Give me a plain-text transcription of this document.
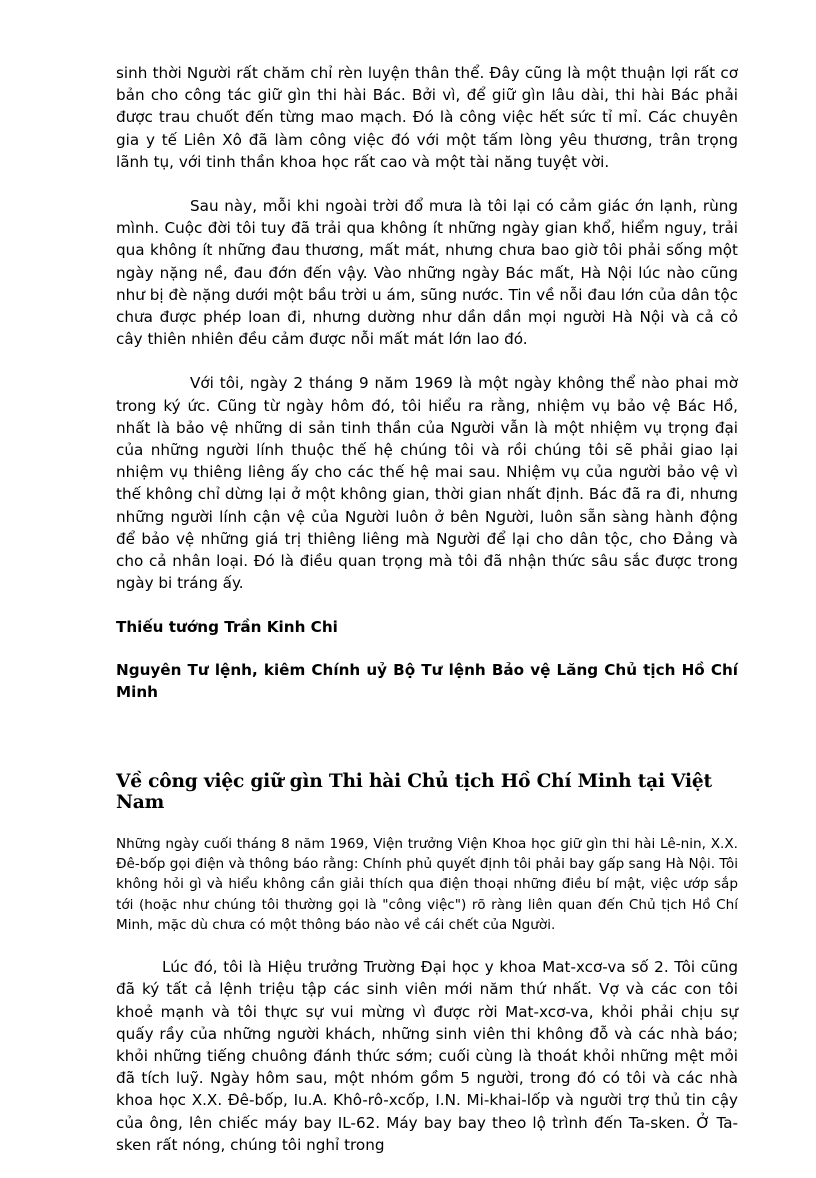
sinh thời Người rất chăm chỉ rèn luyện thân thể. Đây cũng là một thuận lợi rất cơ bản cho công tác giữ gìn thi hài Bác. Bởi vì, để giữ gìn lâu dài, thi hài Bác phải được trau chuốt đến từng mao mạch. Đó là công việc hết sức tỉ mỉ. Các chuyên gia y tế Liên Xô đã làm công việc đó với một tấm lòng yêu thương, trân trọng lãnh tụ, với tinh thần khoa học rất cao và một tài năng tuyệt vời.

Sau này, mỗi khi ngoài trời đổ mưa là tôi lại có cảm giác ớn lạnh, rùng mình. Cuộc đời tôi tuy đã trải qua không ít những ngày gian khổ, hiểm nguy, trải qua không ít những đau thương, mất mát, nhưng chưa bao giờ tôi phải sống một ngày nặng nề, đau đớn đến vậy. Vào những ngày Bác mất, Hà Nội lúc nào cũng như bị đè nặng dưới một bầu trời u ám, sũng nước. Tin về nỗi đau lớn của dân tộc chưa được phép loan đi, nhưng dường như dần dần mọi người Hà Nội và cả cỏ cây thiên nhiên đều cảm được nỗi mất mát lớn lao đó.

Với tôi, ngày 2 tháng 9 năm 1969 là một ngày không thể nào phai mờ trong ký ức. Cũng từ ngày hôm đó, tôi hiểu ra rằng, nhiệm vụ bảo vệ Bác Hồ, nhất là bảo vệ những di sản tinh thần của Người vẫn là một nhiệm vụ trọng đại của những người lính thuộc thế hệ chúng tôi và rồi chúng tôi sẽ phải giao lại nhiệm vụ thiêng liêng ấy cho các thế hệ mai sau. Nhiệm vụ của người bảo vệ vì thế không chỉ dừng lại ở một không gian, thời gian nhất định. Bác đã ra đi, nhưng những người lính cận vệ của Người luôn ở bên Người, luôn sẵn sàng hành động để bảo vệ những giá trị thiêng liêng mà Người để lại cho dân tộc, cho Đảng và cho cả nhân loại. Đó là điều quan trọng mà tôi đã nhận thức sâu sắc được trong ngày bi tráng ấy.

Thiếu tướng Trần Kinh Chi

Nguyên Tư lệnh, kiêm Chính uỷ Bộ Tư lệnh Bảo vệ Lăng Chủ tịch Hồ Chí Minh

Về công việc giữ gìn Thi hài Chủ tịch Hồ Chí Minh tại Việt Nam

Những ngày cuối tháng 8 năm 1969, Viện trưởng Viện Khoa học giữ gìn thi hài Lê-nin, X.X. Đê-bốp gọi điện và thông báo rằng: Chính phủ quyết định tôi phải bay gấp sang Hà Nội. Tôi không hỏi gì và hiểu không cần giải thích qua điện thoại những điều bí mật, việc ướp sắp tới (hoặc như chúng tôi thường gọi là "công việc") rõ ràng liên quan đến Chủ tịch Hồ Chí Minh, mặc dù chưa có một thông báo nào về cái chết của Người.

Lúc đó, tôi là Hiệu trưởng Trường Đại học y khoa Mat-xcơ-va số 2. Tôi cũng đã ký tất cả lệnh triệu tập các sinh viên mới năm thứ nhất. Vợ và các con tôi khoẻ mạnh và tôi thực sự vui mừng vì được rời Mat-xcơ-va, khỏi phải chịu sự quấy rầy của những người khách, những sinh viên thi không đỗ và các nhà báo; khỏi những tiếng chuông đánh thức sớm; cuối cùng là thoát khỏi những mệt mỏi đã tích luỹ. Ngày hôm sau, một nhóm gồm 5 người, trong đó có tôi và các nhà khoa học X.X. Đê-bốp, Iu.A. Khô-rô-xcốp, I.N. Mi-khai-lốp và người trợ thủ tin cậy của ông, lên chiếc máy bay IL-62. Máy bay bay theo lộ trình đến Ta-sken. Ở Ta-sken rất nóng, chúng tôi nghỉ trong
